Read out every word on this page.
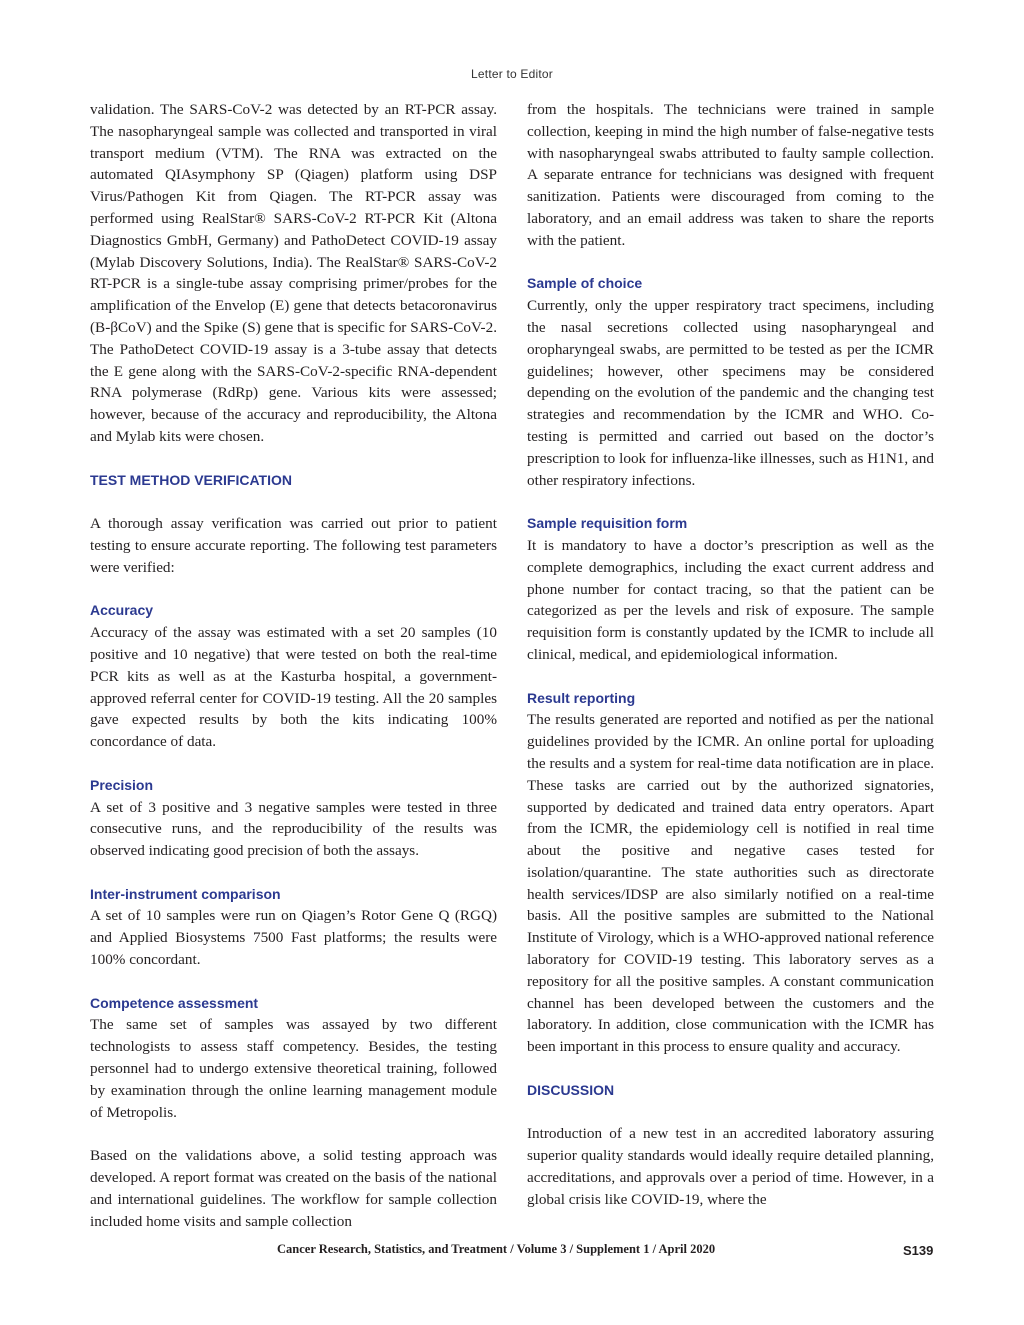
Letter to Editor

validation. The SARS-CoV-2 was detected by an RT-PCR assay. The nasopharyngeal sample was collected and transported in viral transport medium (VTM). The RNA was extracted on the automated QIAsymphony SP (Qiagen) platform using DSP Virus/Pathogen Kit from Qiagen. The RT-PCR assay was performed using RealStar® SARS-CoV-2 RT-PCR Kit (Altona Diagnostics GmbH, Germany) and PathoDetect COVID-19 assay (Mylab Discovery Solutions, India). The RealStar® SARS-CoV-2 RT-PCR is a single-tube assay comprising primer/probes for the amplification of the Envelop (E) gene that detects betacoronavirus (B-βCoV) and the Spike (S) gene that is specific for SARS-CoV-2. The PathoDetect COVID-19 assay is a 3-tube assay that detects the E gene along with the SARS-CoV-2-specific RNA-dependent RNA polymerase (RdRp) gene. Various kits were assessed; however, because of the accuracy and reproducibility, the Altona and Mylab kits were chosen.

TEST METHOD VERIFICATION

A thorough assay verification was carried out prior to patient testing to ensure accurate reporting. The following test parameters were verified:

Accuracy

Accuracy of the assay was estimated with a set 20 samples (10 positive and 10 negative) that were tested on both the real-time PCR kits as well as at the Kasturba hospital, a government-approved referral center for COVID-19 testing. All the 20 samples gave expected results by both the kits indicating 100% concordance of data.

Precision

A set of 3 positive and 3 negative samples were tested in three consecutive runs, and the reproducibility of the results was observed indicating good precision of both the assays.

Inter-instrument comparison

A set of 10 samples were run on Qiagen’s Rotor Gene Q (RGQ) and Applied Biosystems 7500 Fast platforms; the results were 100% concordant.

Competence assessment

The same set of samples was assayed by two different technologists to assess staff competency. Besides, the testing personnel had to undergo extensive theoretical training, followed by examination through the online learning management module of Metropolis.

Based on the validations above, a solid testing approach was developed. A report format was created on the basis of the national and international guidelines. The workflow for sample collection included home visits and sample collection

from the hospitals. The technicians were trained in sample collection, keeping in mind the high number of false-negative tests with nasopharyngeal swabs attributed to faulty sample collection. A separate entrance for technicians was designed with frequent sanitization. Patients were discouraged from coming to the laboratory, and an email address was taken to share the reports with the patient.

Sample of choice

Currently, only the upper respiratory tract specimens, including the nasal secretions collected using nasopharyngeal and oropharyngeal swabs, are permitted to be tested as per the ICMR guidelines; however, other specimens may be considered depending on the evolution of the pandemic and the changing test strategies and recommendation by the ICMR and WHO. Co-testing is permitted and carried out based on the doctor’s prescription to look for influenza-like illnesses, such as H1N1, and other respiratory infections.

Sample requisition form

It is mandatory to have a doctor’s prescription as well as the complete demographics, including the exact current address and phone number for contact tracing, so that the patient can be categorized as per the levels and risk of exposure. The sample requisition form is constantly updated by the ICMR to include all clinical, medical, and epidemiological information.

Result reporting

The results generated are reported and notified as per the national guidelines provided by the ICMR. An online portal for uploading the results and a system for real-time data notification are in place. These tasks are carried out by the authorized signatories, supported by dedicated and trained data entry operators. Apart from the ICMR, the epidemiology cell is notified in real time about the positive and negative cases tested for isolation/quarantine. The state authorities such as directorate health services/IDSP are also similarly notified on a real-time basis. All the positive samples are submitted to the National Institute of Virology, which is a WHO-approved national reference laboratory for COVID-19 testing. This laboratory serves as a repository for all the positive samples. A constant communication channel has been developed between the customers and the laboratory. In addition, close communication with the ICMR has been important in this process to ensure quality and accuracy.

DISCUSSION

Introduction of a new test in an accredited laboratory assuring superior quality standards would ideally require detailed planning, accreditations, and approvals over a period of time. However, in a global crisis like COVID-19, where the

Cancer Research, Statistics, and Treatment / Volume 3 / Supplement 1 / April 2020	S139
